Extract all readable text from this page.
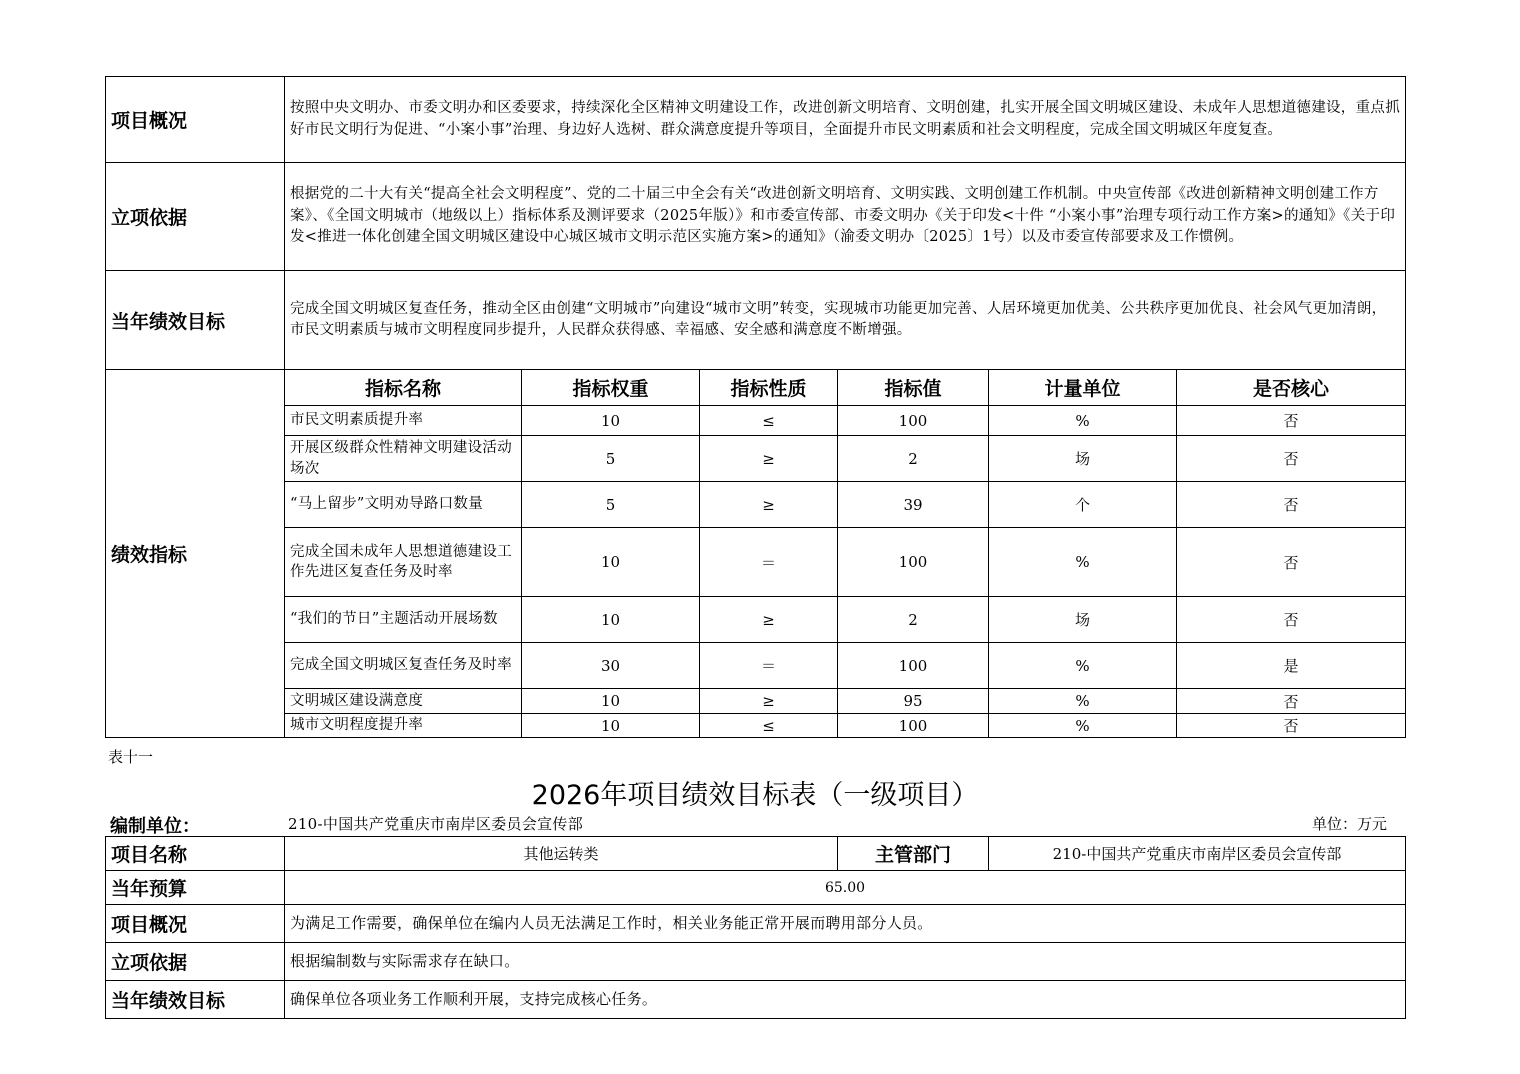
项目概况	按照中央文明办、市委文明办和区委要求，持续深化全区精神文明建设工作，改进创新文明培育、文明创建，扎实开展全国文明城区建设、未成年人思想道德建设，重点抓好市民文明行为促进、“小案小事”治理、身边好人选树、群众满意度提升等项目，全面提升市民文明素质和社会文明程度，完成全国文明城区年度复查。					
立项依据	根据党的二十大有关“提高全社会文明程度”、党的二十届三中全会有关“改进创新文明培育、文明实践、文明创建工作机制。中央宣传部《改进创新精神文明创建工作方案》、《全国文明城市（地级以上）指标体系及测评要求（2025年版）》和市委宣传部、市委文明办《关于印发<十件 “小案小事”治理专项行动工作方案>的通知》《关于印发<推进一体化创建全国文明城区建设中心城区城市文明示范区实施方案>的通知》（渝委文明办〔2025〕1号）以及市委宣传部要求及工作惯例。					
当年绩效目标	完成全国文明城区复查任务，推动全区由创建“文明城市”向建设“城市文明”转变，实现城市功能更加完善、人居环境更加优美、公共秩序更加优良、社会风气更加清朗，市民文明素质与城市文明程度同步提升，人民群众获得感、幸福感、安全感和满意度不断增强。					
绩效指标	指标名称	指标权重	指标性质	指标值	计量单位	是否核心
	市民文明素质提升率	10	≤	100	%	否
	开展区级群众性精神文明建设活动场次	5	≥	2	场	否
	“马上留步”文明劝导路口数量	5	≥	39	个	否
	完成全国未成年人思想道德建设工作先进区复查任务及时率	10	＝	100	%	否
	“我们的节日”主题活动开展场数	10	≥	2	场	否
	完成全国文明城区复查任务及时率	30	＝	100	%	是
	文明城区建设满意度	10	≥	95	%	否
	城市文明程度提升率	10	≤	100	%	否
表十一
2026年项目绩效目标表（一级项目）
编制单位：	210-中国共产党重庆市南岸区委员会宣传部	单位：万元
项目名称	其他运转类	主管部门	210-中国共产党重庆市南岸区委员会宣传部
当年预算	65.00		
项目概况	为满足工作需要，确保单位在编内人员无法满足工作时，相关业务能正常开展而聘用部分人员。		
立项依据	根据编制数与实际需求存在缺口。		
当年绩效目标	确保单位各项业务工作顺利开展，支持完成核心任务。		
